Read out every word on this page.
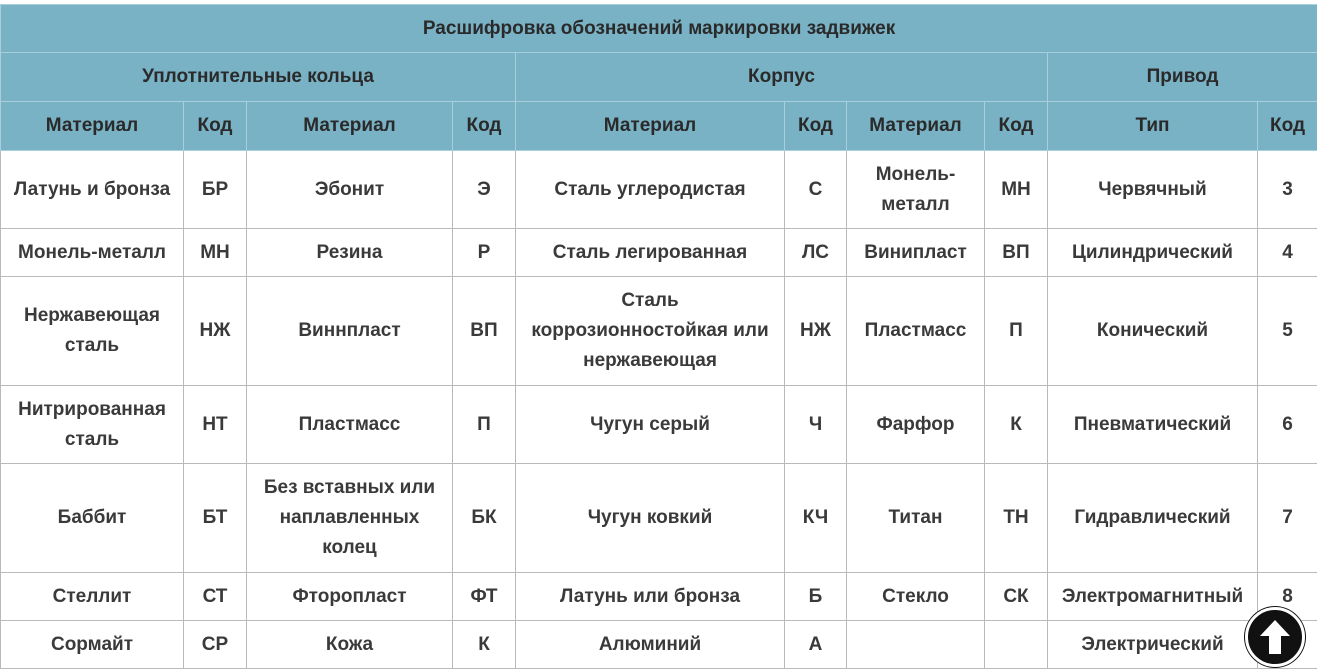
Расшифровка обозначений маркировки задвижек									
Уплотнительные кольца				Корпус				Привод	
Материал	Код	Материал	Код	Материал	Код	Материал	Код	Тип	Код
Латунь и бронза	БР	Эбонит	Э	Сталь углеродистая	С	Монель-металл	МН	Червячный	3
Монель-металл	МН	Резина	Р	Сталь легированная	ЛС	Винипласт	ВП	Цилиндрический	4
Нержавеющая сталь	НЖ	Виннпласт	ВП	Сталь коррозионностойкая или нержавеющая	НЖ	Пластмасс	П	Конический	5
Нитрированная сталь	НТ	Пластмасс	П	Чугун серый	Ч	Фарфор	К	Пневматический	6
Баббит	БТ	Без вставных или наплавленных колец	БК	Чугун ковкий	КЧ	Титан	ТН	Гидравлический	7
Стеллит	СТ	Фторопласт	ФТ	Латунь или бронза	Б	Стекло	СК	Электромагнитный	8
Сормайт	СР	Кожа	К	Алюминий	А			Электрический	
